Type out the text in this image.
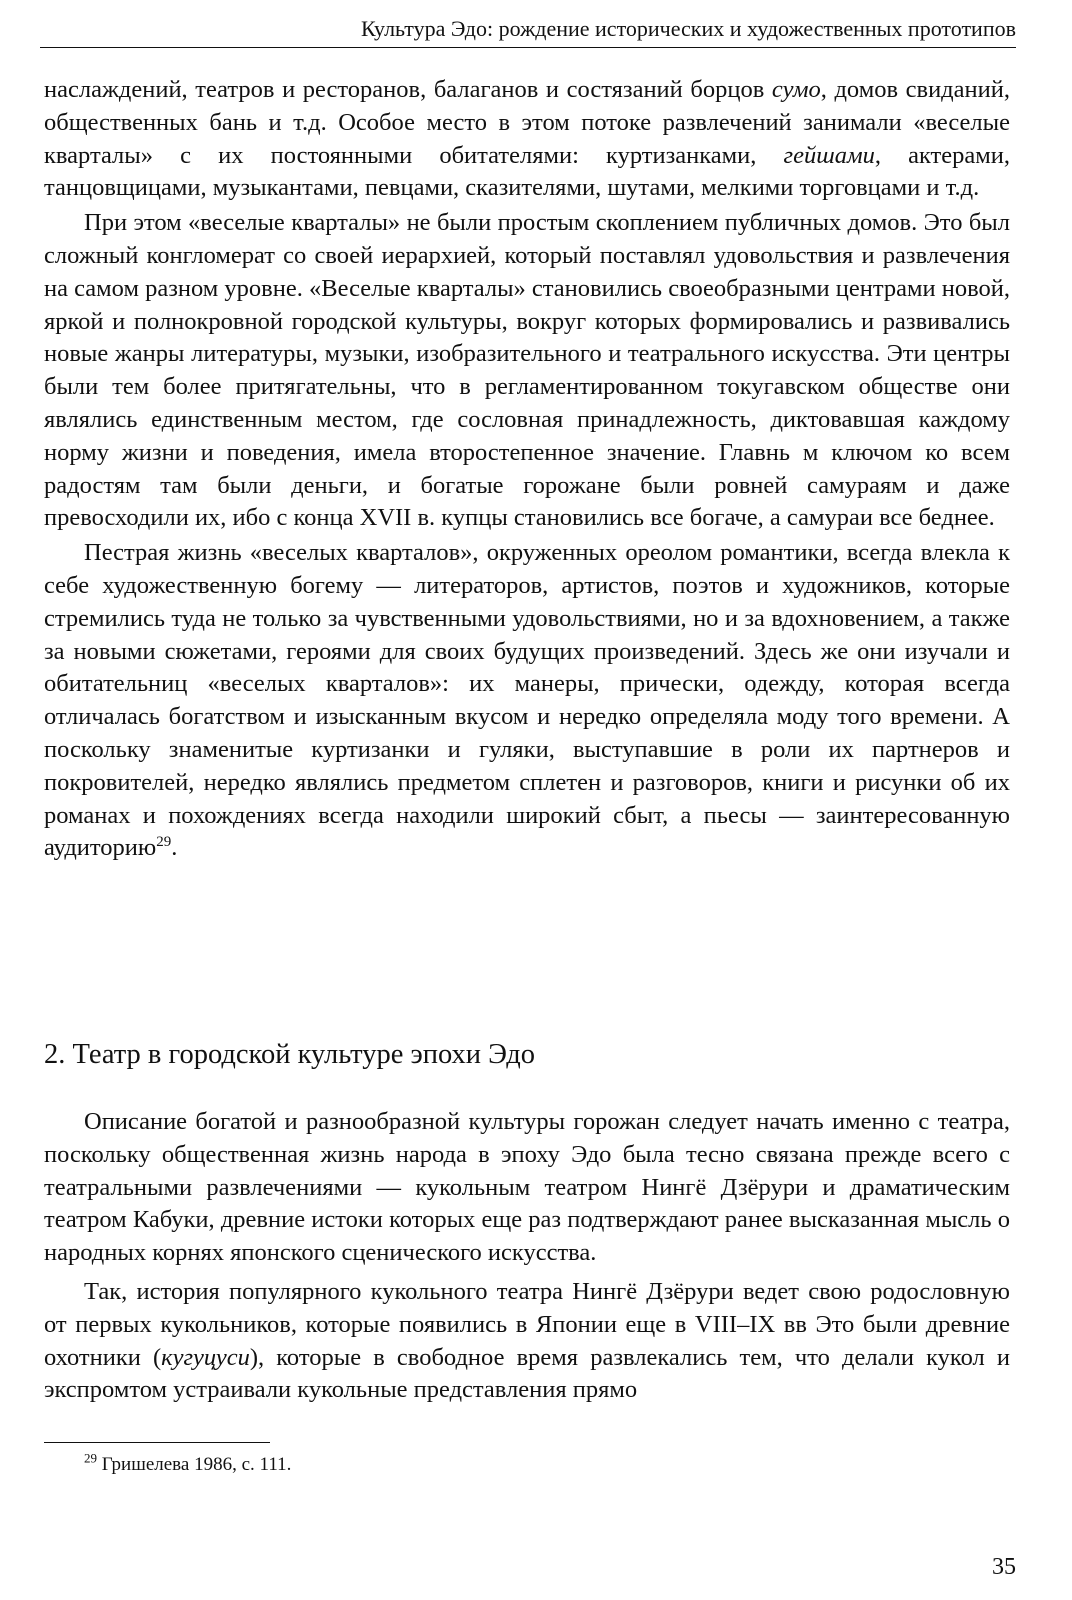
Культура Эдо: рождение исторических и художественных прототипов

наслаждений, театров и ресторанов, балаганов и состязаний борцов сумо, домов свиданий, общественных бань и т.д. Особое место в этом потоке развлечений занимали «веселые кварталы» с их постоянными обитателями: куртизанками, гейшами, актерами, танцовщицами, музыкантами, певцами, сказителями, шутами, мелкими торговцами и т.д.

При этом «веселые кварталы» не были простым скоплением публичных домов. Это был сложный конгломерат со своей иерархией, который поставлял удовольствия и развлечения на самом разном уровне. «Веселые кварталы» становились своеобразными центрами новой, яркой и полнокровной городской культуры, вокруг которых формировались и развивались новые жанры литературы, музыки, изобразительного и театрального искусства. Эти центры были тем более притягательны, что в регламентированном токугавском обществе они являлись единственным местом, где сословная принадлежность, диктовавшая каждому норму жизни и поведения, имела второстепенное значение. Главнь м ключом ко всем радостям там были деньги, и богатые горожане были ровней самураям и даже превосходили их, ибо с конца XVII в. купцы становились все богаче, а самураи все беднее.

Пестрая жизнь «веселых кварталов», окруженных ореолом романтики, всегда влекла к себе художественную богему — литераторов, артистов, поэтов и художников, которые стремились туда не только за чувственными удовольствиями, но и за вдохновением, а также за новыми сюжетами, героями для своих будущих произведений. Здесь же они изучали и обитательниц «веселых кварталов»: их манеры, прически, одежду, которая всегда отличалась богатством и изысканным вкусом и нередко определяла моду того времени. А поскольку знаменитые куртизанки и гуляки, выступавшие в роли их партнеров и покровителей, нередко являлись предметом сплетен и разговоров, книги и рисунки об их романах и похождениях всегда находили широкий сбыт, а пьесы — заинтересованную аудиторию$^{29}$.

2. Театр в городской культуре эпохи Эдо

Описание богатой и разнообразной культуры горожан следует начать именно с театра, поскольку общественная жизнь народа в эпоху Эдо была тесно связана прежде всего с театральными развлечениями — кукольным театром Нингё Дзёрури и драматическим театром Кабуки, древние истоки которых еще раз подтверждают ранее высказанная мысль о народных корнях японского сценического искусства.

Так, история популярного кукольного театра Нингё Дзёрури ведет свою родословную от первых кукольников, которые появились в Японии еще в VIII–IX вв Это были древние охотники (кугуцуси), которые в свободное время развлекались тем, что делали кукол и экспромтом устраивали кукольные представления прямо

$^{29}$ Гришелева 1986, с. 111.
35
